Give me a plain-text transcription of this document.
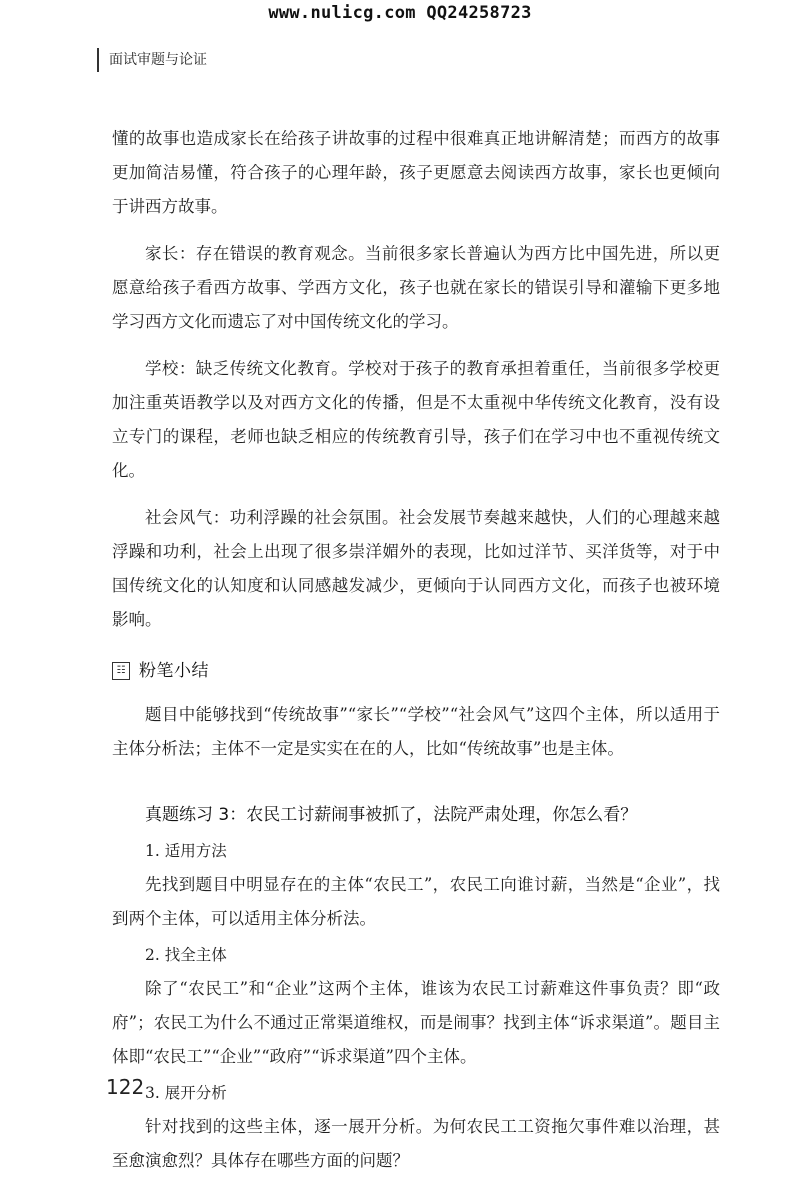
www.nulicg.com QQ24258723
面试审题与论证

懂的故事也造成家长在给孩子讲故事的过程中很难真正地讲解清楚；而西方的故事更加简洁易懂，符合孩子的心理年龄，孩子更愿意去阅读西方故事，家长也更倾向于讲西方故事。

家长：存在错误的教育观念。当前很多家长普遍认为西方比中国先进，所以更愿意给孩子看西方故事、学西方文化，孩子也就在家长的错误引导和灌输下更多地学习西方文化而遗忘了对中国传统文化的学习。

学校：缺乏传统文化教育。学校对于孩子的教育承担着重任，当前很多学校更加注重英语教学以及对西方文化的传播，但是不太重视中华传统文化教育，没有设立专门的课程，老师也缺乏相应的传统教育引导，孩子们在学习中也不重视传统文化。

社会风气：功利浮躁的社会氛围。社会发展节奏越来越快，人们的心理越来越浮躁和功利，社会上出现了很多崇洋媚外的表现，比如过洋节、买洋货等，对于中国传统文化的认知度和认同感越发减少，更倾向于认同西方文化，而孩子也被环境影响。

☷ 粉笔小结

题目中能够找到“传统故事”“家长”“学校”“社会风气”这四个主体，所以适用于主体分析法；主体不一定是实实在在的人，比如“传统故事”也是主体。

真题练习 3：农民工讨薪闹事被抓了，法院严肃处理，你怎么看？
1. 适用方法

先找到题目中明显存在的主体“农民工”，农民工向谁讨薪，当然是“企业”，找到两个主体，可以适用主体分析法。

2. 找全主体

除了“农民工”和“企业”这两个主体，谁该为农民工讨薪难这件事负责？即“政府”；农民工为什么不通过正常渠道维权，而是闹事？找到主体“诉求渠道”。题目主体即“农民工”“企业”“政府”“诉求渠道”四个主体。

3. 展开分析

针对找到的这些主体，逐一展开分析。为何农民工工资拖欠事件难以治理，甚至愈演愈烈？具体存在哪些方面的问题？

122
